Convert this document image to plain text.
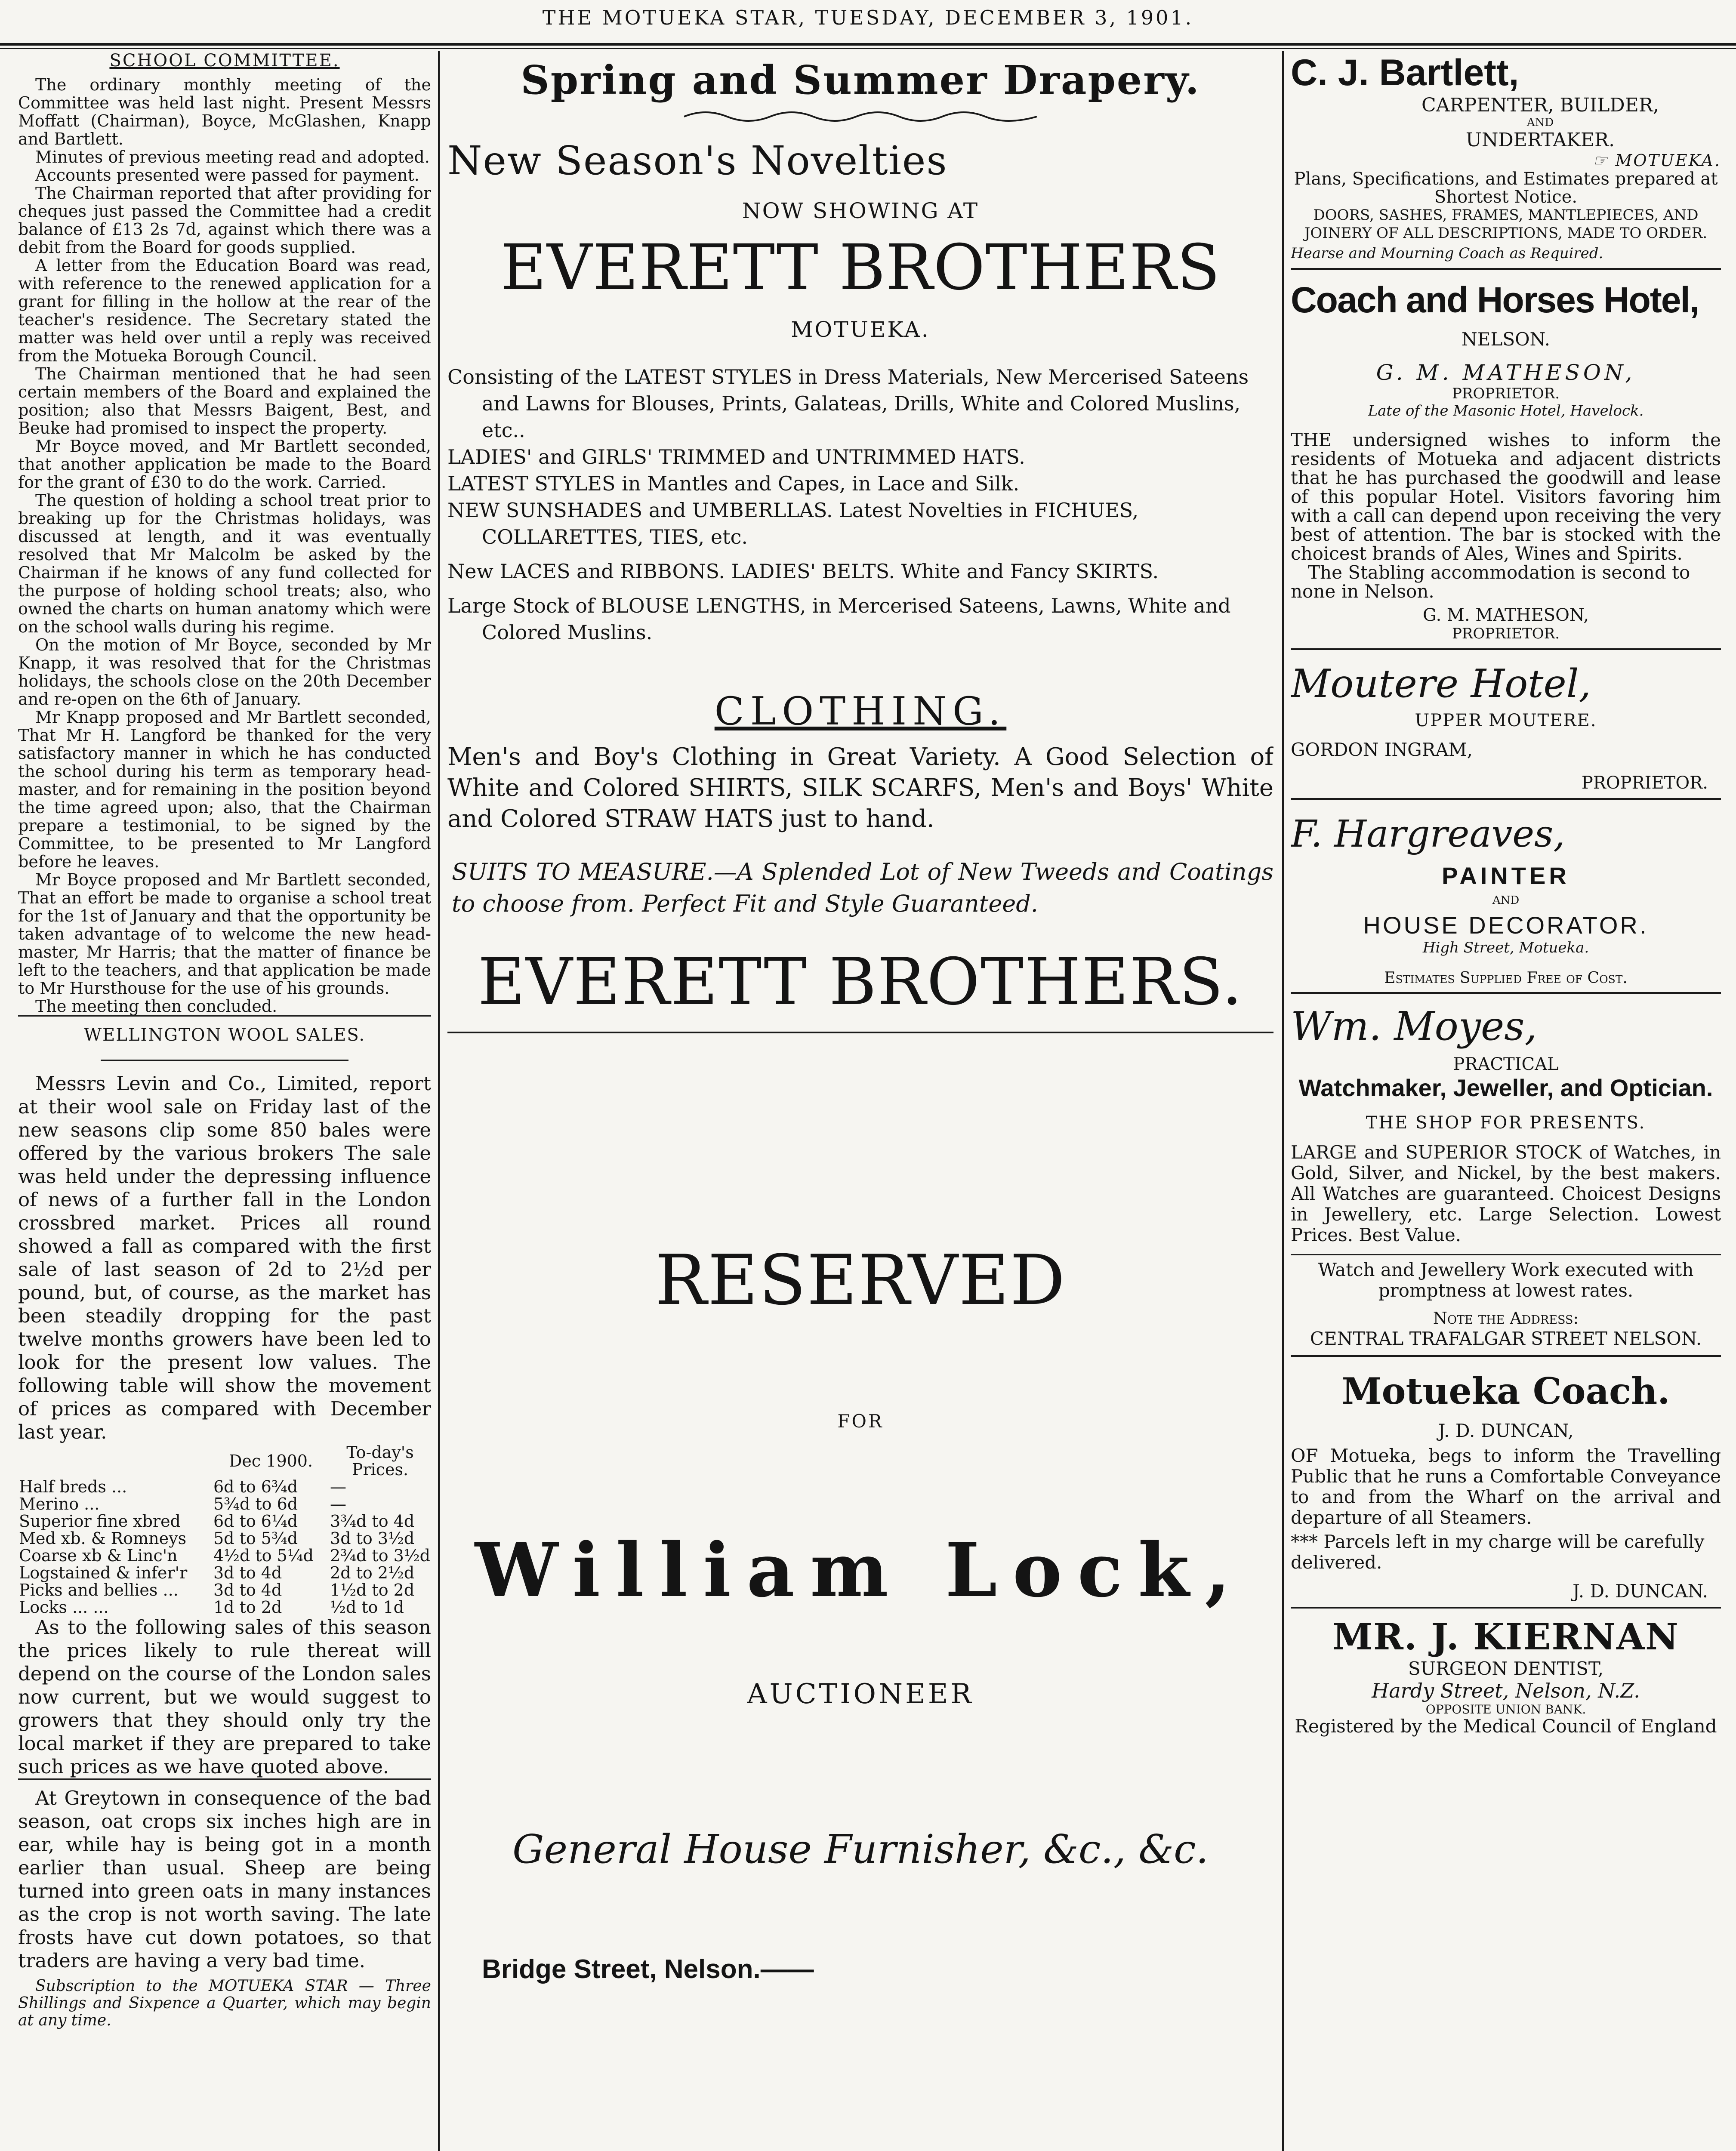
THE MOTUEKA STAR, TUESDAY, DECEMBER 3, 1901.
SCHOOL COMMITTEE.

The ordinary monthly meeting of the Committee was held last night. Present Messrs Moffatt (Chairman), Boyce, McGlashen, Knapp and Bartlett.

Minutes of previous meeting read and adopted.

Accounts presented were passed for payment.

The Chairman reported that after providing for cheques just passed the Committee had a credit balance of £13 2s 7d, against which there was a debit from the Board for goods supplied.

A letter from the Education Board was read, with reference to the renewed application for a grant for filling in the hollow at the rear of the teacher's residence. The Secretary stated the matter was held over until a reply was received from the Motueka Borough Council.

The Chairman mentioned that he had seen certain members of the Board and explained the position; also that Messrs Baigent, Best, and Beuke had promised to inspect the property.

Mr Boyce moved, and Mr Bartlett seconded, that another application be made to the Board for the grant of £30 to do the work. Carried.

The question of holding a school treat prior to breaking up for the Christmas holidays, was discussed at length, and it was eventually resolved that Mr Malcolm be asked by the Chairman if he knows of any fund collected for the purpose of holding school treats; also, who owned the charts on human anatomy which were on the school walls during his regime.

On the motion of Mr Boyce, seconded by Mr Knapp, it was resolved that for the Christmas holidays, the schools close on the 20th December and re-open on the 6th of January.

Mr Knapp proposed and Mr Bartlett seconded, That Mr H. Langford be thanked for the very satisfactory manner in which he has conducted the school during his term as temporary head-master, and for remaining in the position beyond the time agreed upon; also, that the Chairman prepare a testimonial, to be signed by the Committee, to be presented to Mr Langford before he leaves.

Mr Boyce proposed and Mr Bartlett seconded, That an effort be made to organise a school treat for the 1st of January and that the opportunity be taken advantage of to welcome the new head-master, Mr Harris; that the matter of finance be left to the teachers, and that application be made to Mr Hursthouse for the use of his grounds.

The meeting then concluded.

WELLINGTON WOOL SALES.

Messrs Levin and Co., Limited, report at their wool sale on Friday last of the new seasons clip some 850 bales were offered by the various brokers The sale was held under the depressing influence of news of a further fall in the London crossbred market. Prices all round showed a fall as compared with the first sale of last season of 2d to 2½d per pound, but, of course, as the market has been steadily dropping for the past twelve months growers have been led to look for the present low values. The following table will show the movement of prices as compared with December last year.

	Dec 1900.	To-day's Prices.
Half breds ...	6d to 6¾d	—
Merino ...	5¾d to 6d	—
Superior fine xbred	6d to 6¼d	3¾d to 4d
Med xb. & Romneys	5d to 5¾d	3d to 3½d
Coarse xb & Linc'n	4½d to 5¼d	2¾d to 3½d
Logstained & infer'r	3d to 4d	2d to 2½d
Picks and bellies ...	3d to 4d	1½d to 2d
Locks ... ...	1d to 2d	½d to 1d

As to the following sales of this season the prices likely to rule thereat will depend on the course of the London sales now current, but we would suggest to growers that they should only try the local market if they are prepared to take such prices as we have quoted above.

At Greytown in consequence of the bad season, oat crops six inches high are in ear, while hay is being got in a month earlier than usual. Sheep are being turned into green oats in many instances as the crop is not worth saving. The late frosts have cut down potatoes, so that traders are having a very bad time.

Subscription to the MOTUEKA STAR — Three Shillings and Sixpence a Quarter, which may begin at any time.

Spring and Summer Drapery.
New Season's Novelties
NOW SHOWING AT
EVERETT BROTHERS
MOTUEKA.

Consisting of the LATEST STYLES in Dress Materials, New Mercerised Sateens and Lawns for Blouses, Prints, Galateas, Drills, White and Colored Muslins, etc..

LADIES' and GIRLS' TRIMMED and UNTRIMMED HATS.

LATEST STYLES in Mantles and Capes, in Lace and Silk.

NEW SUNSHADES and UMBERLLAS. Latest Novelties in FICHUES, COLLARETTES, TIES, etc.

New LACES and RIBBONS. LADIES' BELTS. White and Fancy SKIRTS.

Large Stock of BLOUSE LENGTHS, in Mercerised Sateens, Lawns, White and Colored Muslins.

CLOTHING.

Men's and Boy's Clothing in Great Variety. A Good Selection of White and Colored SHIRTS, SILK SCARFS, Men's and Boys' White and Colored STRAW HATS just to hand.

SUITS TO MEASURE.—A Splended Lot of New Tweeds and Coatings to choose from. Perfect Fit and Style Guaranteed.

EVERETT BROTHERS.
RESERVED
FOR
William Lock,
AUCTIONEER
General House Furnisher, &c., &c.
Bridge Street, Nelson.——
C. J. Bartlett,
CARPENTER, BUILDER,
AND
UNDERTAKER.
☞ MOTUEKA.
Plans, Specifications, and Estimates prepared at Shortest Notice.
DOORS, SASHES, FRAMES, MANTLEPIECES, AND JOINERY OF ALL DESCRIPTIONS, MADE TO ORDER.
Hearse and Mourning Coach as Required.
Coach and Horses Hotel,
NELSON.
G. M. MATHESON,
PROPRIETOR.
Late of the Masonic Hotel, Havelock.

THE undersigned wishes to inform the residents of Motueka and adjacent districts that he has purchased the goodwill and lease of this popular Hotel. Visitors favoring him with a call can depend upon receiving the very best of attention. The bar is stocked with the choicest brands of Ales, Wines and Spirits.

The Stabling accommodation is second to none in Nelson.

G. M. MATHESON,
PROPRIETOR.
Moutere Hotel,
UPPER MOUTERE.
GORDON INGRAM,
PROPRIETOR.
F. Hargreaves,
PAINTER
AND
HOUSE DECORATOR.
High Street, Motueka.
Estimates Supplied Free of Cost.
Wm. Moyes,
PRACTICAL
Watchmaker, Jeweller, and Optician.
THE SHOP FOR PRESENTS.

LARGE and SUPERIOR STOCK of Watches, in Gold, Silver, and Nickel, by the best makers. All Watches are guaranteed. Choicest Designs in Jewellery, etc. Large Selection. Lowest Prices. Best Value.

Watch and Jewellery Work executed with promptness at lowest rates.

Note the Address:
CENTRAL TRAFALGAR STREET NELSON.
Motueka Coach.
J. D. DUNCAN,

OF Motueka, begs to inform the Travelling Public that he runs a Comfortable Conveyance to and from the Wharf on the arrival and departure of all Steamers.

*** Parcels left in my charge will be carefully delivered.

J. D. DUNCAN.
MR. J. KIERNAN
SURGEON DENTIST,
Hardy Street, Nelson, N.Z.
OPPOSITE UNION BANK.
Registered by the Medical Council of England
